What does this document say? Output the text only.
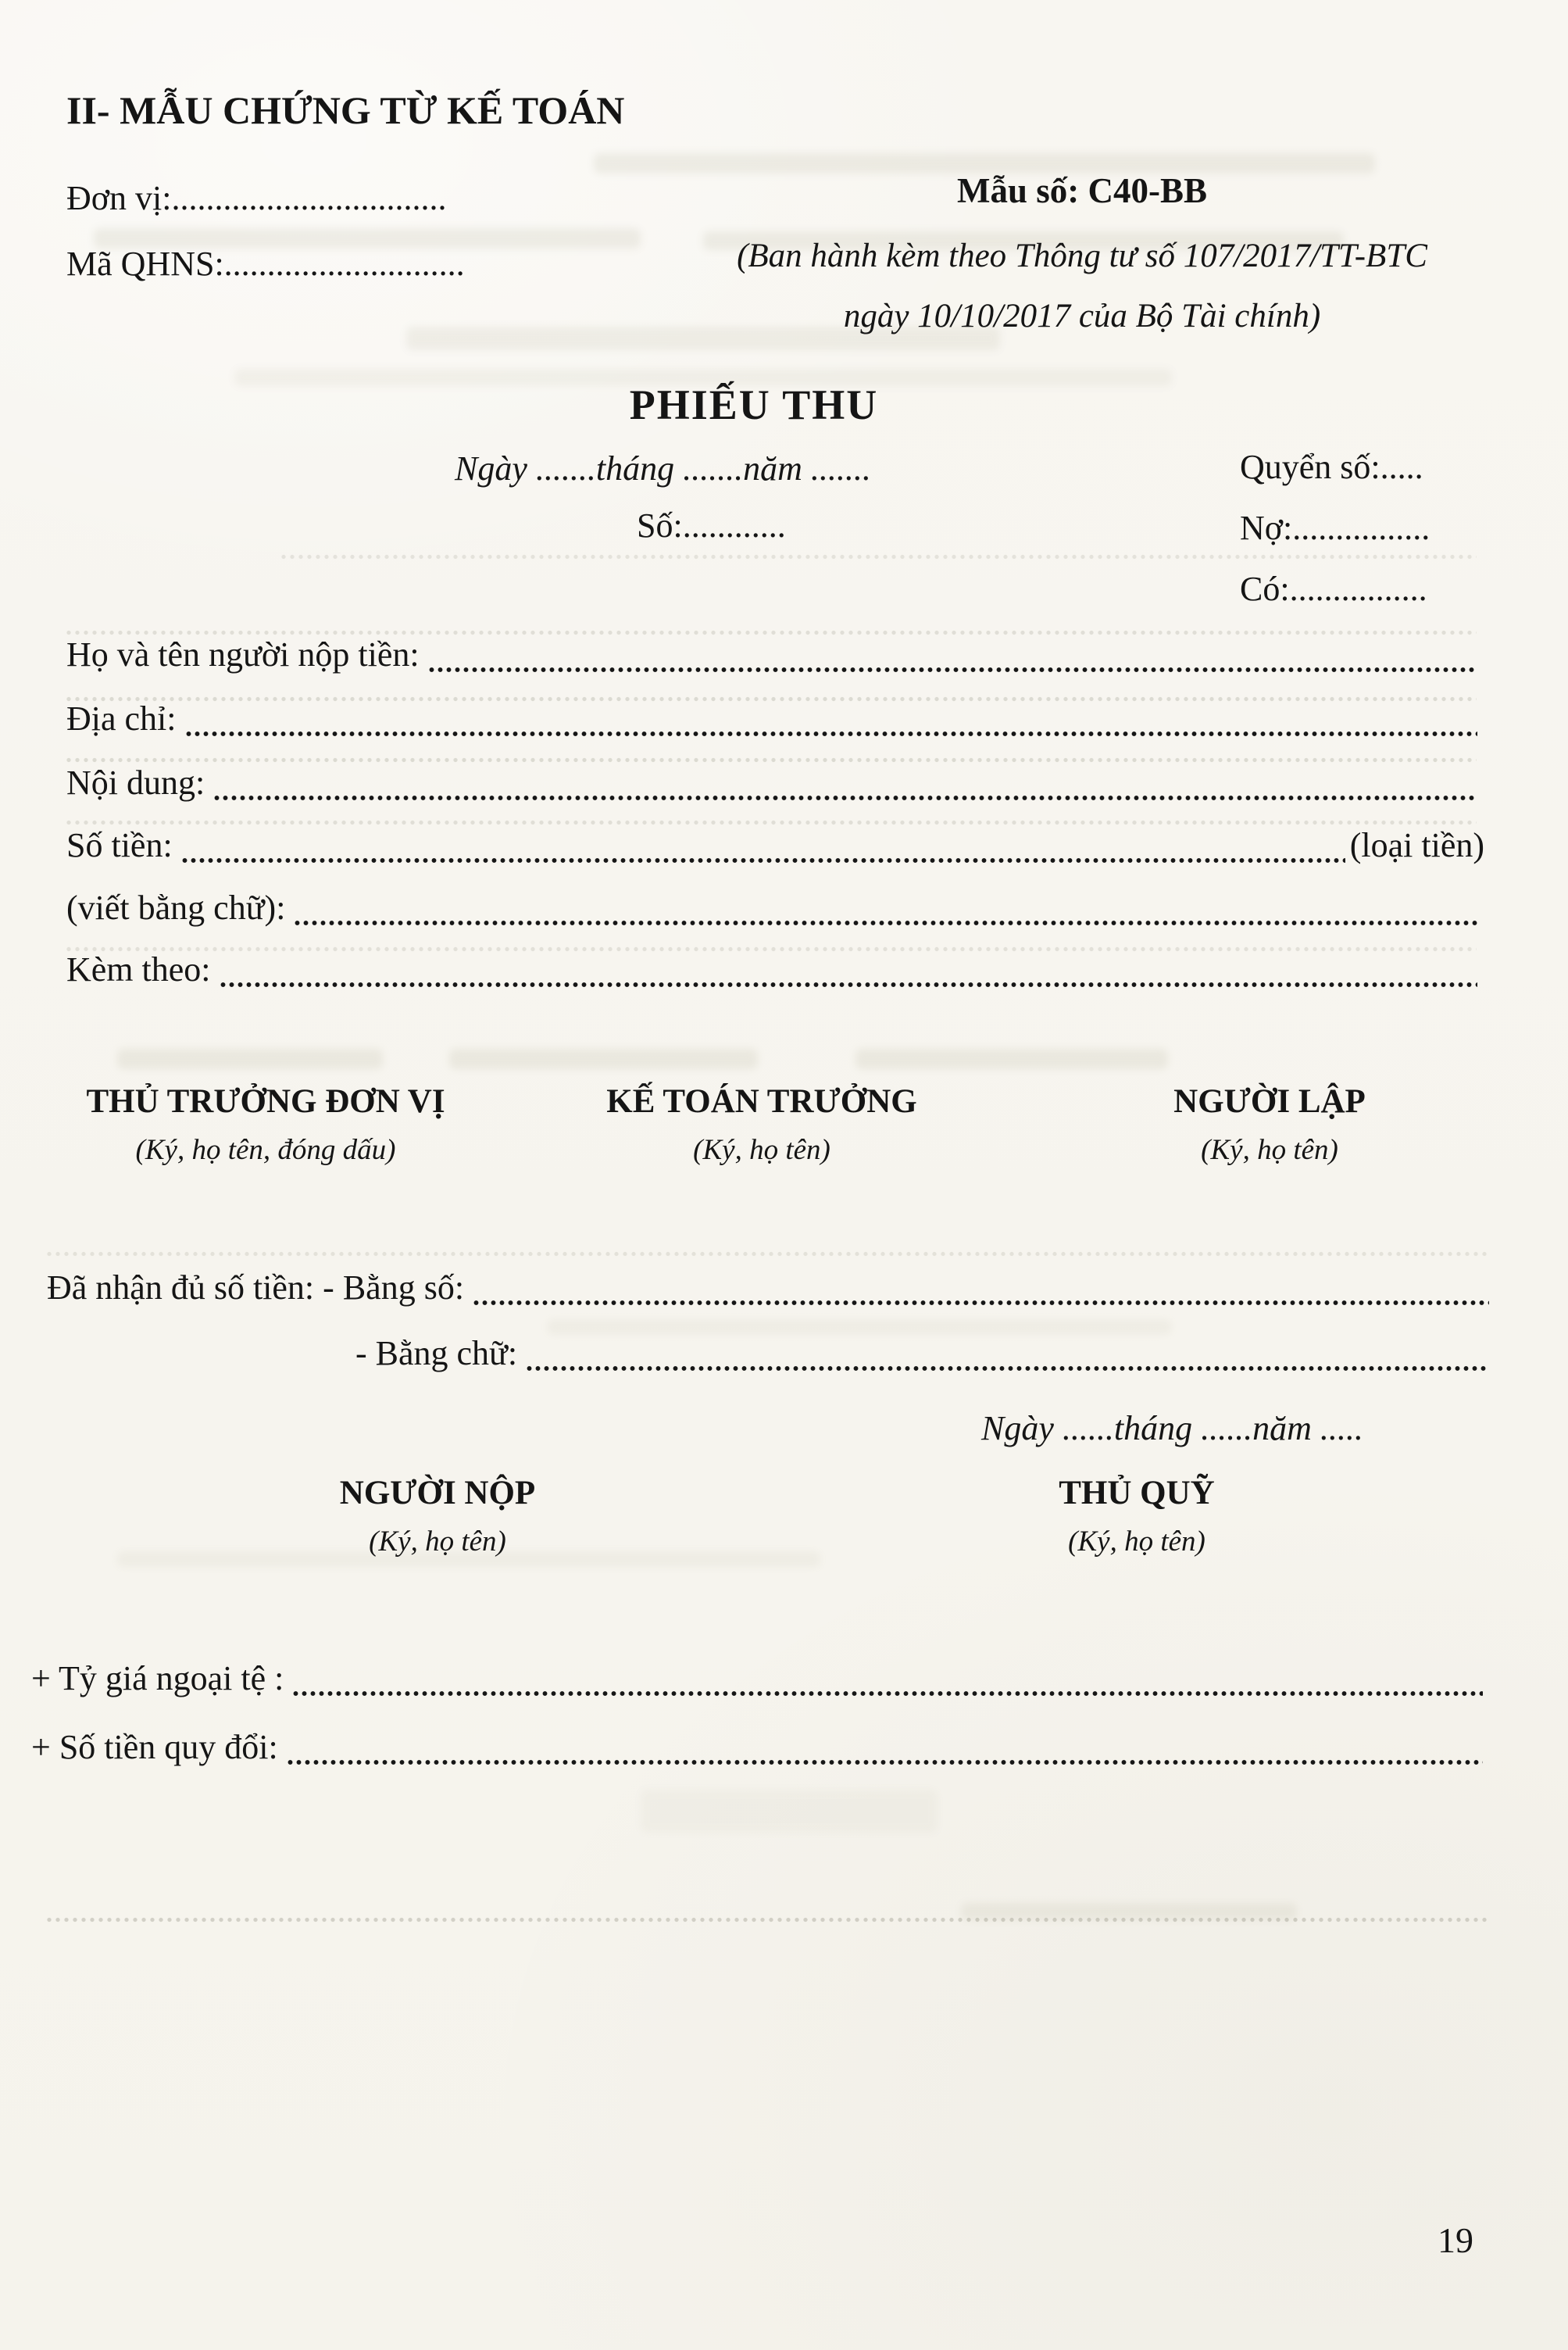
II- MẪU CHỨNG TỪ KẾ TOÁN
Đơn vị:................................
Mã QHNS:............................
Mẫu số: C40-BB
(Ban hành kèm theo Thông tư số 107/2017/TT-BTC
ngày 10/10/2017 của Bộ Tài chính)
PHIẾU THU
Ngày .......tháng .......năm .......
Số:............
Quyển số:.....
Nợ:................
Có:................
Họ và tên người nộp tiền:
Địa chỉ:
Nội dung:
Số tiền:	(loại tiền)
(viết bằng chữ):
Kèm theo:
THỦ TRƯỞNG ĐƠN VỊ
(Ký, họ tên, đóng dấu)
KẾ TOÁN TRƯỞNG
(Ký, họ tên)
NGƯỜI LẬP
(Ký, họ tên)
Đã nhận đủ số tiền: - Bằng số:
- Bằng chữ:
Ngày ......tháng ......năm .....
NGƯỜI NỘP
(Ký, họ tên)
THỦ QUỸ
(Ký, họ tên)
+ Tỷ giá ngoại tệ :
+ Số tiền quy đổi:
19
